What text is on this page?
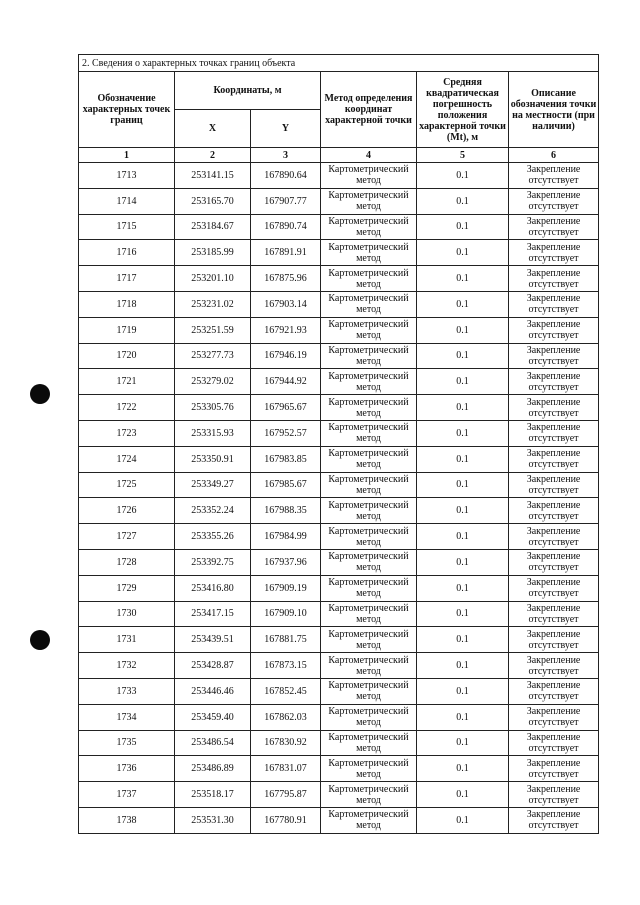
2. Сведения о характерных точках границ объекта					
Обозначение характерных точек границ	Координаты, м		Метод определения координат характерной точки	Средняя квадратическая погрешность положения характерной точки (Mt), м	Описание обозначения точки на местности (при наличии)
	X	Y			
1	2	3	4	5	6
1713	253141.15	167890.64	Картометрический метод	0.1	Закрепление отсутствует
1714	253165.70	167907.77	Картометрический метод	0.1	Закрепление отсутствует
1715	253184.67	167890.74	Картометрический метод	0.1	Закрепление отсутствует
1716	253185.99	167891.91	Картометрический метод	0.1	Закрепление отсутствует
1717	253201.10	167875.96	Картометрический метод	0.1	Закрепление отсутствует
1718	253231.02	167903.14	Картометрический метод	0.1	Закрепление отсутствует
1719	253251.59	167921.93	Картометрический метод	0.1	Закрепление отсутствует
1720	253277.73	167946.19	Картометрический метод	0.1	Закрепление отсутствует
1721	253279.02	167944.92	Картометрический метод	0.1	Закрепление отсутствует
1722	253305.76	167965.67	Картометрический метод	0.1	Закрепление отсутствует
1723	253315.93	167952.57	Картометрический метод	0.1	Закрепление отсутствует
1724	253350.91	167983.85	Картометрический метод	0.1	Закрепление отсутствует
1725	253349.27	167985.67	Картометрический метод	0.1	Закрепление отсутствует
1726	253352.24	167988.35	Картометрический метод	0.1	Закрепление отсутствует
1727	253355.26	167984.99	Картометрический метод	0.1	Закрепление отсутствует
1728	253392.75	167937.96	Картометрический метод	0.1	Закрепление отсутствует
1729	253416.80	167909.19	Картометрический метод	0.1	Закрепление отсутствует
1730	253417.15	167909.10	Картометрический метод	0.1	Закрепление отсутствует
1731	253439.51	167881.75	Картометрический метод	0.1	Закрепление отсутствует
1732	253428.87	167873.15	Картометрический метод	0.1	Закрепление отсутствует
1733	253446.46	167852.45	Картометрический метод	0.1	Закрепление отсутствует
1734	253459.40	167862.03	Картометрический метод	0.1	Закрепление отсутствует
1735	253486.54	167830.92	Картометрический метод	0.1	Закрепление отсутствует
1736	253486.89	167831.07	Картометрический метод	0.1	Закрепление отсутствует
1737	253518.17	167795.87	Картометрический метод	0.1	Закрепление отсутствует
1738	253531.30	167780.91	Картометрический метод	0.1	Закрепление отсутствует
